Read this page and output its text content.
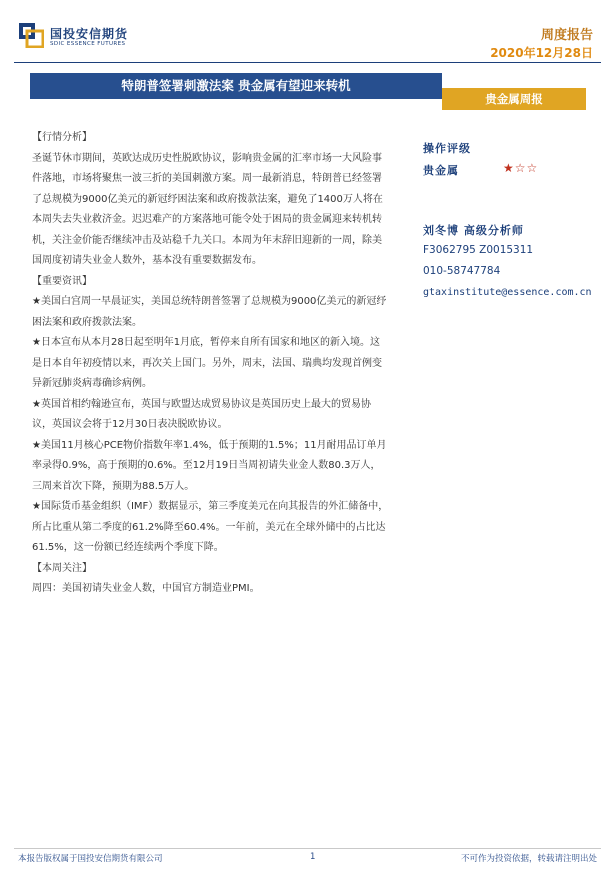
国投安信期货
SDIC ESSENCE FUTURES
周度报告
2020年12月28日
特朗普签署刺激法案 贵金属有望迎来转机
贵金属周报

【行情分析】

圣诞节休市期间，英欧达成历史性脱欧协议，影响贵金属的汇率市场一大风险事件落地，市场将聚焦一波三折的美国刺激方案。周一最新消息，特朗普已经签署了总规模为9000亿美元的新冠纾困法案和政府拨款法案，避免了1400万人将在本周失去失业救济金。迟迟难产的方案落地可能令处于困局的贵金属迎来转机转机，关注金价能否继续冲击及站稳千九关口。本周为年末辞旧迎新的一周，除美国周度初请失业金人数外，基本没有重要数据发布。

【重要资讯】

★美国白宫周一早晨证实，美国总统特朗普签署了总规模为9000亿美元的新冠纾困法案和政府拨款法案。

★日本宣布从本月28日起至明年1月底，暂停来自所有国家和地区的新入境。这是日本自年初疫情以来，再次关上国门。另外，周末，法国、瑞典均发现首例变异新冠肺炎病毒确诊病例。

★英国首相约翰逊宣布，英国与欧盟达成贸易协议是英国历史上最大的贸易协议，英国议会将于12月30日表决脱欧协议。

★美国11月核心PCE物价指数年率1.4%，低于预期的1.5%；11月耐用品订单月率录得0.9%，高于预期的0.6%。至12月19日当周初请失业金人数80.3万人，三周来首次下降，预期为88.5万人。

★国际货币基金组织（IMF）数据显示，第三季度美元在向其报告的外汇储备中，所占比重从第二季度的61.2%降至60.4%。一年前，美元在全球外储中的占比达61.5%，这一份额已经连续两个季度下降。

【本周关注】

周四：美国初请失业金人数，中国官方制造业PMI。

操作评级
贵金属	★☆☆
刘冬博 高级分析师
F3062795 Z0015311
010-58747784
gtaxinstitute@essence.com.cn
本报告版权属于国投安信期货有限公司	1	不可作为投资依据，转载请注明出处
